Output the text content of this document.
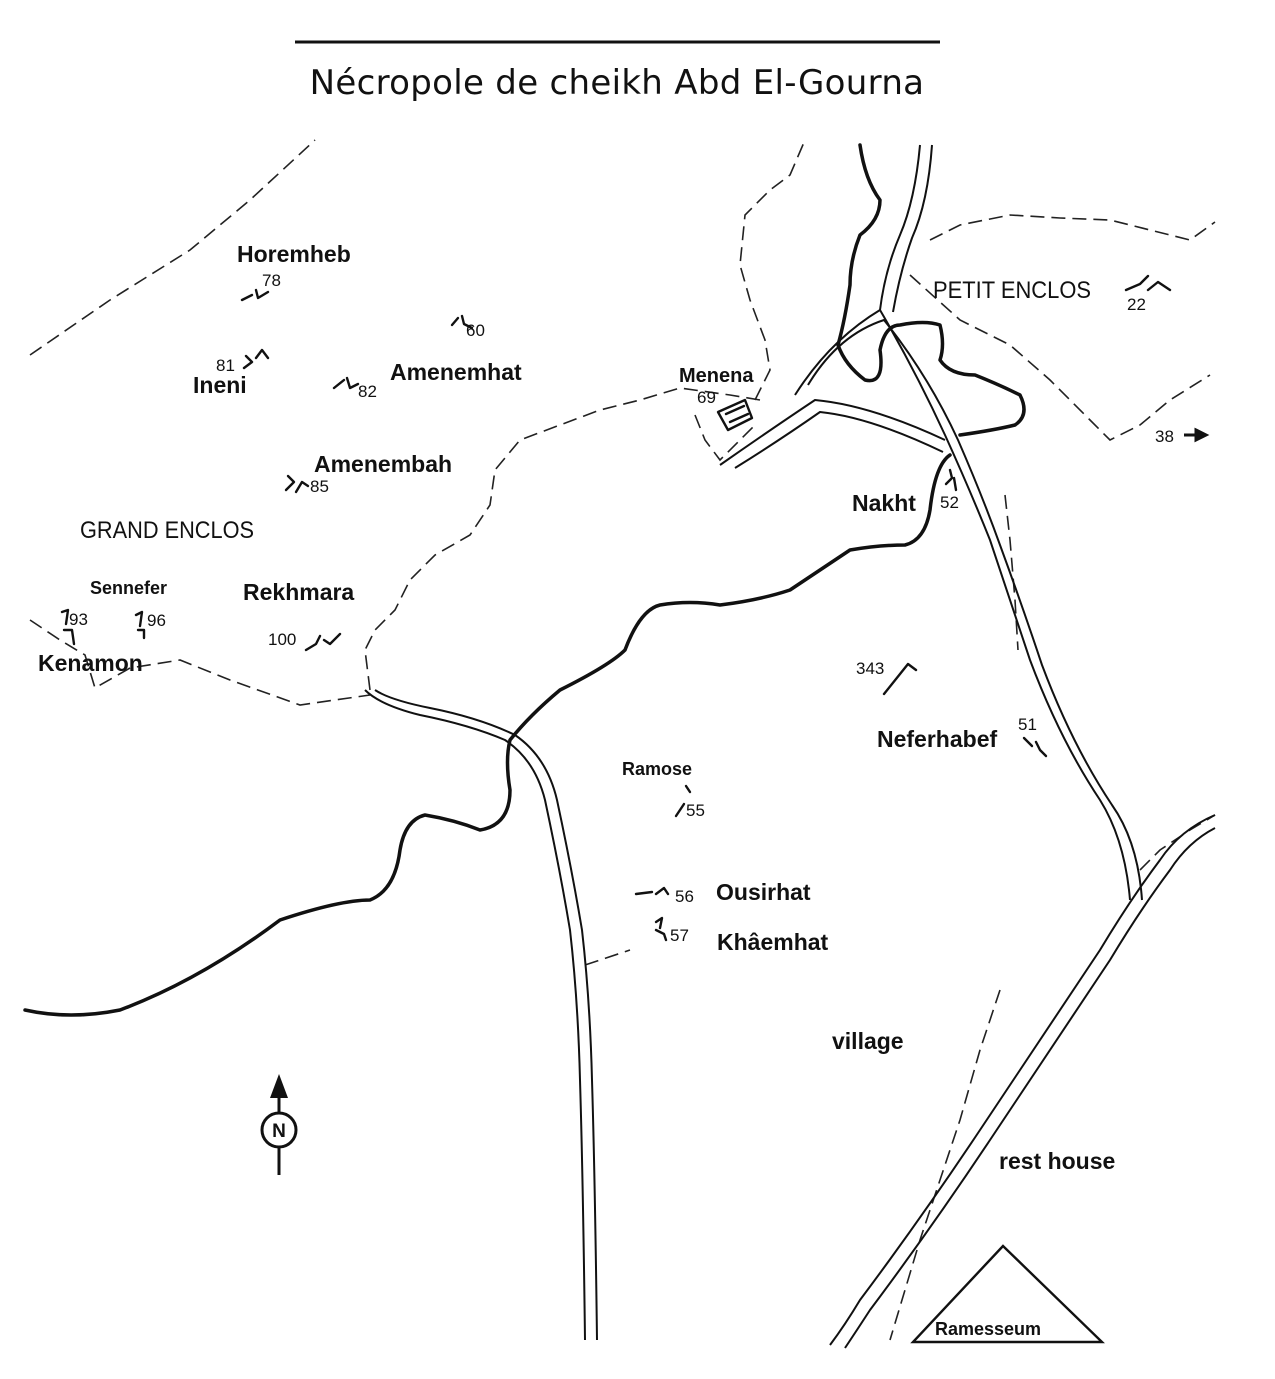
Nécropole de cheikh Abd El-Gourna
PETIT ENCLOS
GRAND ENCLOS
Horemheb
78
60
81
Ineni	82
Amenemhat
Amenembah
85
Menena
69
Sennefer
96
93
Kenamon
Rekhmara
100
Nakht 52
22
38
343
Neferhabef
51
Ramose
55
56 Ousirhat
57 Khâemhat
village
rest house
Ramesseum
N
